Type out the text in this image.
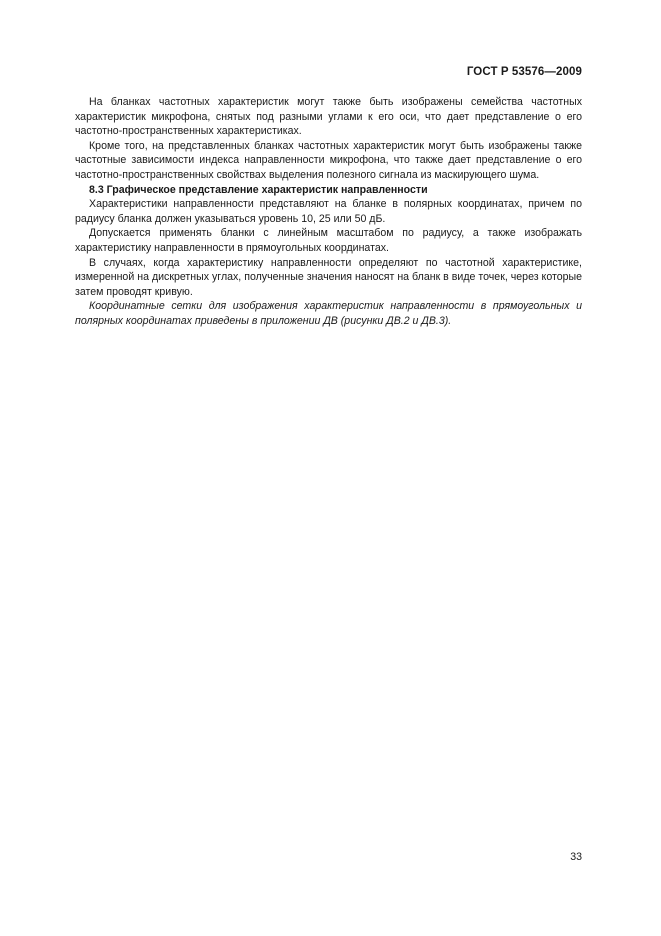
ГОСТ Р 53576—2009

На бланках частотных характеристик могут также быть изображены семейства частотных характеристик микрофона, снятых под разными углами к его оси, что дает представление о его частотно-пространственных характеристиках.

Кроме того, на представленных бланках частотных характеристик могут быть изображены также частотные зависимости индекса направленности микрофона, что также дает представление о его частотно-пространственных свойствах выделения полезного сигнала из маскирующего шума.

8.3 Графическое представление характеристик направленности

Характеристики направленности представляют на бланке в полярных координатах, причем по радиусу бланка должен указываться уровень 10, 25 или 50 дБ.

Допускается применять бланки с линейным масштабом по радиусу, а также изображать характеристику направленности в прямоугольных координатах.

В случаях, когда характеристику направленности определяют по частотной характеристике, измеренной на дискретных углах, полученные значения наносят на бланк в виде точек, через которые затем проводят кривую.

Координатные сетки для изображения характеристик направленности в прямоугольных и полярных координатах приведены в приложении ДВ (рисунки ДВ.2 и ДВ.3).

33
